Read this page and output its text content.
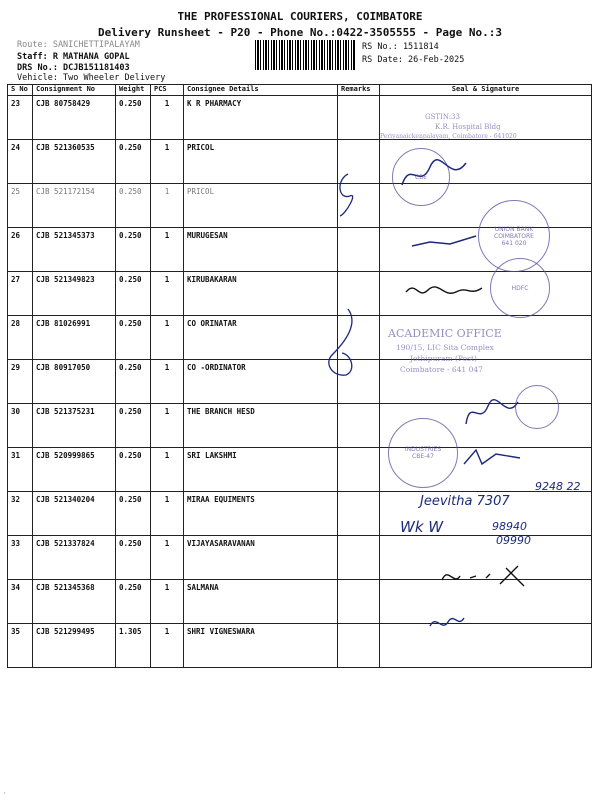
THE PROFESSIONAL COURIERS, COIMBATORE
Delivery Runsheet - P20 - Phone No.:0422-3505555 - Page No.:3
Route: SANICHETTIPALAYAM
Staff: R MATHANA GOPAL
DRS No.: DCJB151181403
Vehicle: Two Wheeler Delivery
RS No.: 1511814
RS Date: 26-Feb-2025
S No	Consignment No	Weight	PCS	Consignee Details	Remarks	Seal & Signature
23	CJB 80758429	0.250	1	K R PHARMACY		
24	CJB 521360535	0.250	1	PRICOL		
25	CJB 521172154	0.250	1	PRICOL		
26	CJB 521345373	0.250	1	MURUGESAN		
27	CJB 521349823	0.250	1	KIRUBAKARAN		
28	CJB 81026991	0.250	1	CO ORINATAR		
29	CJB 80917050	0.250	1	CO -ORDINATOR		
30	CJB 521375231	0.250	1	THE BRANCH HESD		
31	CJB 520999865	0.250	1	SRI LAKSHMI		
32	CJB 521340204	0.250	1	MIRAA EQUIMENTS		
33	CJB 521337824	0.250	1	VIJAYASARAVANAN		
34	CJB 521345368	0.250	1	SALMANA		
35	CJB 521299495	1.305	1	SHRI VIGNESWARA		
GSTIN:33
K.R. Hospital Bldg
Periyanaickenpalayam, Coimbatore - 641020
CBE
UNION BANK
COIMBATORE
641 020
HDFC
ACADEMIC OFFICE
190/15, LIC Sita Complex
Jothipuram (Post)
Coimbatore - 641 047
INDUSTRIES
CBE-47
9248 22
Jeevitha 7307
Wk W	98940
09990
·
